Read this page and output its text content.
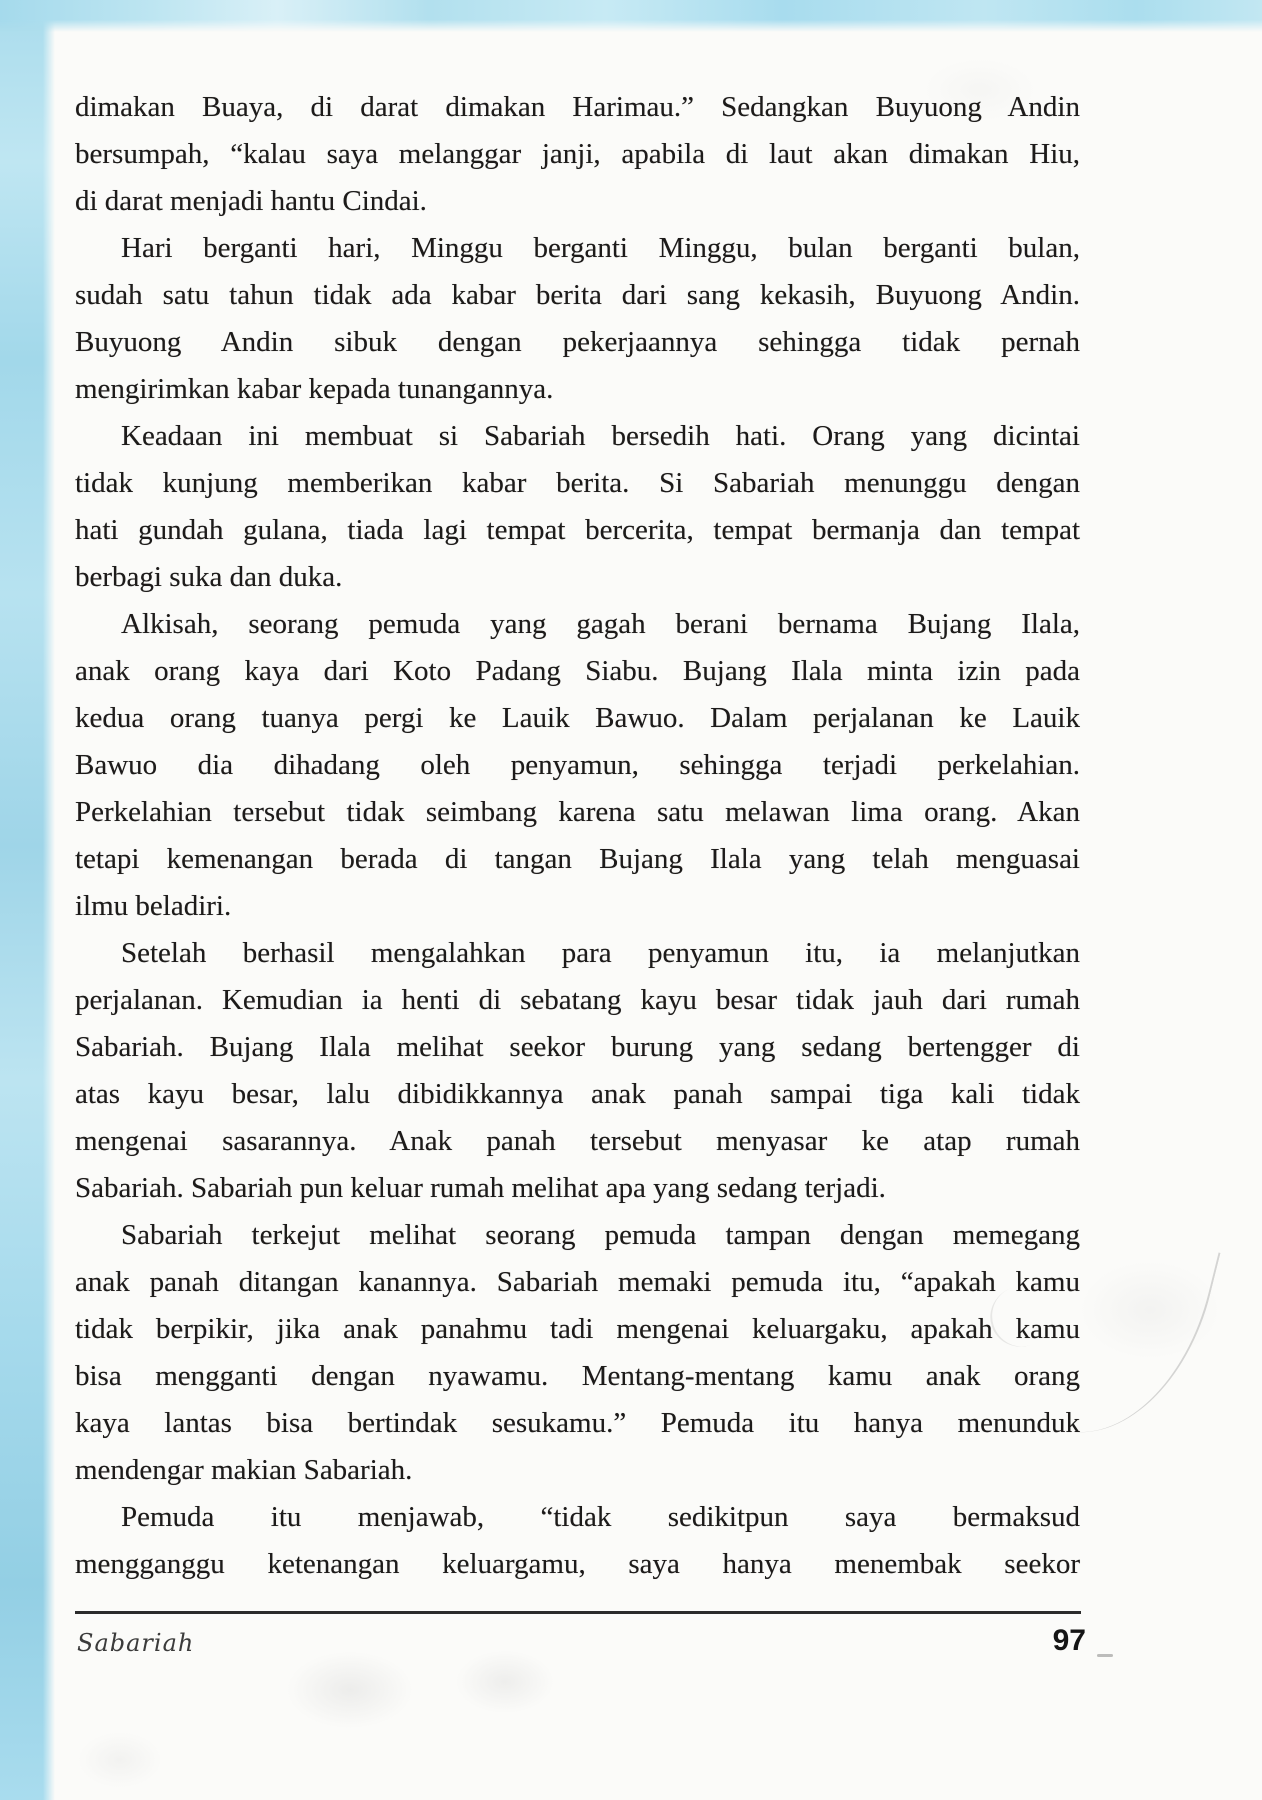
dimakan Buaya, di darat dimakan Harimau.” Sedangkan Buyuong Andin
bersumpah, “kalau saya melanggar janji, apabila di laut akan dimakan Hiu,
di darat menjadi hantu Cindai.
Hari berganti hari, Minggu berganti Minggu, bulan berganti bulan,
sudah satu tahun tidak ada kabar berita dari sang kekasih, Buyuong Andin.
Buyuong Andin sibuk dengan pekerjaannya sehingga tidak pernah
mengirimkan kabar kepada tunangannya.
Keadaan ini membuat si Sabariah bersedih hati. Orang yang dicintai
tidak kunjung memberikan kabar berita. Si Sabariah menunggu dengan
hati gundah gulana, tiada lagi tempat bercerita, tempat bermanja dan tempat
berbagi suka dan duka.
Alkisah, seorang pemuda yang gagah berani bernama Bujang Ilala,
anak orang kaya dari Koto Padang Siabu. Bujang Ilala minta izin pada
kedua orang tuanya pergi ke Lauik Bawuo. Dalam perjalanan ke Lauik
Bawuo dia dihadang oleh penyamun, sehingga terjadi perkelahian.
Perkelahian tersebut tidak seimbang karena satu melawan lima orang. Akan
tetapi kemenangan berada di tangan Bujang Ilala yang telah menguasai
ilmu beladiri.
Setelah berhasil mengalahkan para penyamun itu, ia melanjutkan
perjalanan. Kemudian ia henti di sebatang kayu besar tidak jauh dari rumah
Sabariah. Bujang Ilala melihat seekor burung yang sedang bertengger di
atas kayu besar, lalu dibidikkannya anak panah sampai tiga kali tidak
mengenai sasarannya. Anak panah tersebut menyasar ke atap rumah
Sabariah. Sabariah pun keluar rumah melihat apa yang sedang terjadi.
Sabariah terkejut melihat seorang pemuda tampan dengan memegang
anak panah ditangan kanannya. Sabariah memaki pemuda itu, “apakah kamu
tidak berpikir, jika anak panahmu tadi mengenai keluargaku, apakah kamu
bisa mengganti dengan nyawamu. Mentang-mentang kamu anak orang
kaya lantas bisa bertindak sesukamu.” Pemuda itu hanya menunduk
mendengar makian Sabariah.
Pemuda itu menjawab, “tidak sedikitpun saya bermaksud
mengganggu ketenangan keluargamu, saya hanya menembak seekor
Sabariah	97
